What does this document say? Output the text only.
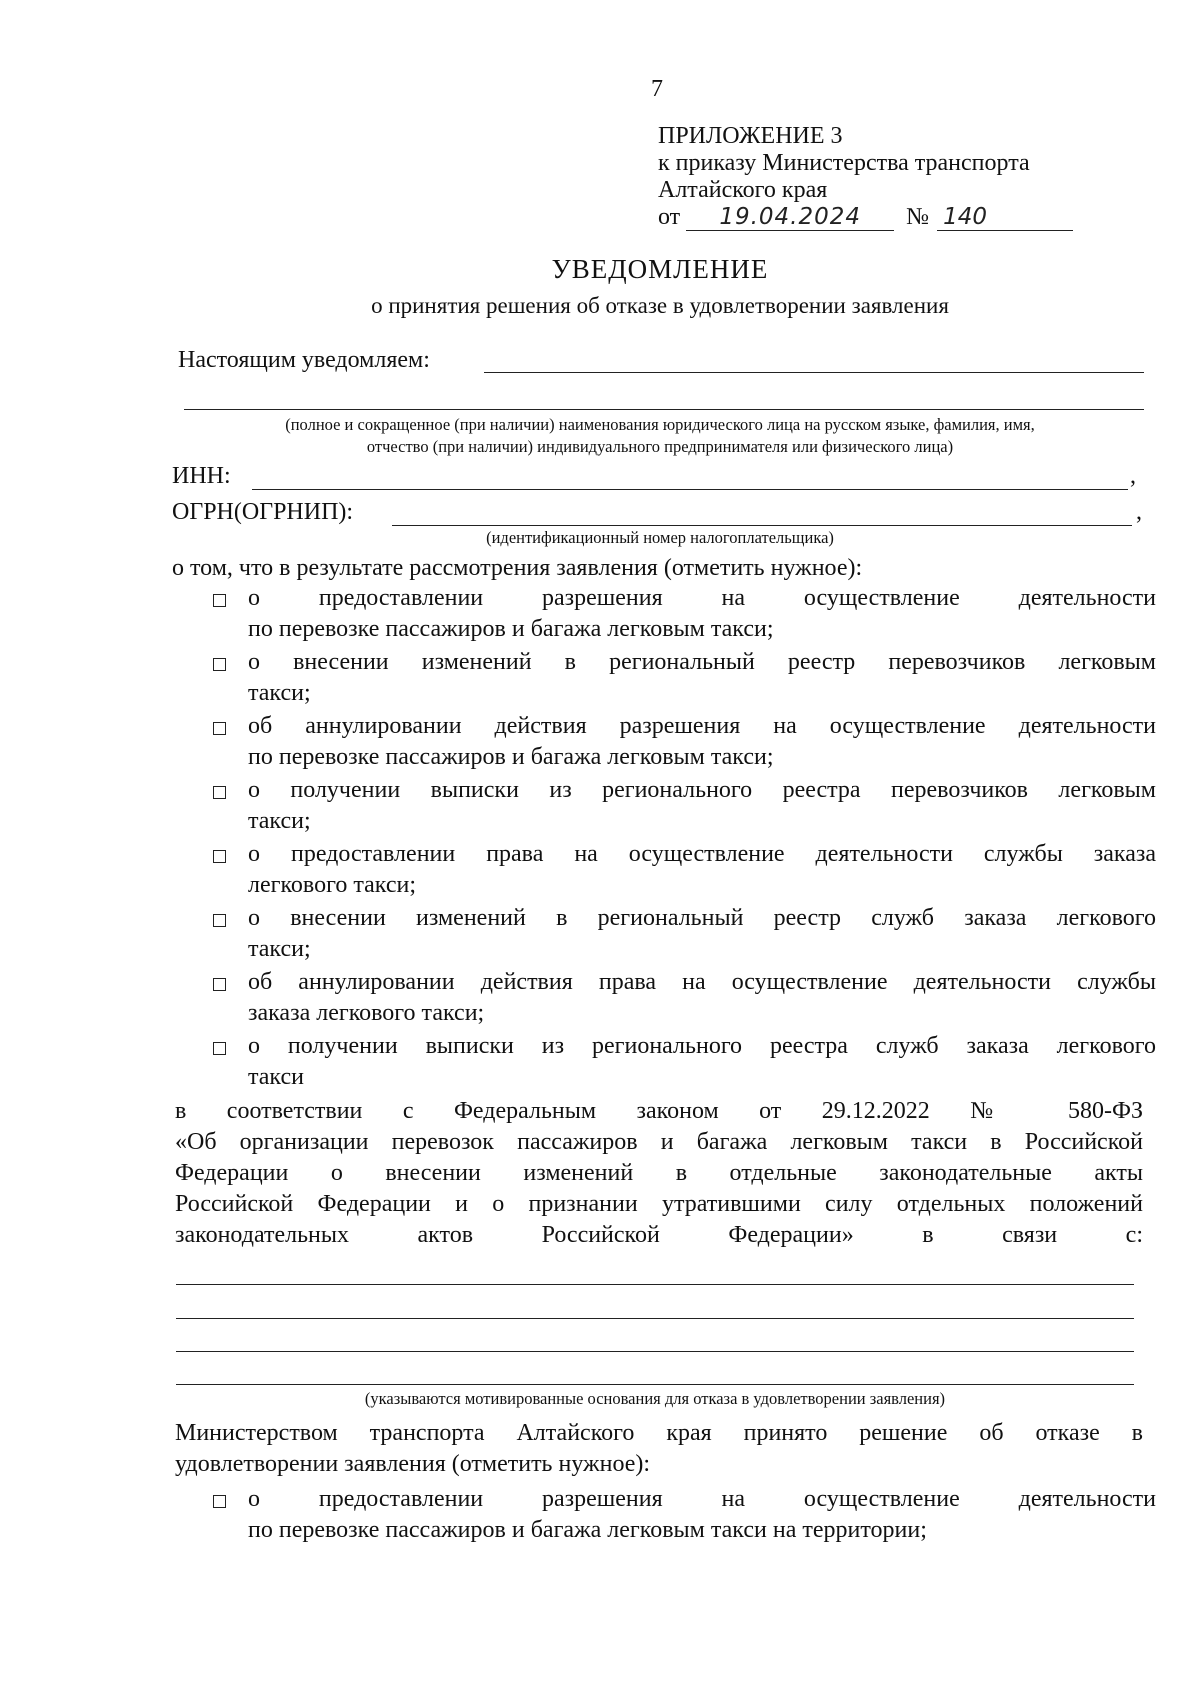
7
ПРИЛОЖЕНИЕ 3
к приказу Министерства транспорта
Алтайского края
от	19.04.2024	№ 140
УВЕДОМЛЕНИЕ
о принятия решения об отказе в удовлетворении заявления
Настоящим уведомляем:
(полное и сокращенное (при наличии) наименования юридического лица на русском языке, фамилия, имя,
отчество (при наличии) индивидуального предпринимателя или физического лица)
ИНН:	,
ОГРН(ОГРНИП):	,
(идентификационный номер налогоплательщика)
о том, что в результате рассмотрения заявления (отметить нужное):
о предоставлении разрешения на осуществление деятельности
по перевозке пассажиров и багажа легковым такси;
о внесении изменений в региональный реестр перевозчиков легковым
такси;
об аннулировании действия разрешения на осуществление деятельности
по перевозке пассажиров и багажа легковым такси;
о получении выписки из регионального реестра перевозчиков легковым
такси;
о предоставлении права на осуществление деятельности службы заказа
легкового такси;
о внесении изменений в региональный реестр служб заказа легкового
такси;
об аннулировании действия права на осуществление деятельности службы
заказа легкового такси;
о получении выписки из регионального реестра служб заказа легкового
такси
в соответствии с Федеральным законом от 29.12.2022 № 580-ФЗ
«Об организации перевозок пассажиров и багажа легковым такси в Российской
Федерации о внесении изменений в отдельные законодательные акты
Российской Федерации и о признании утратившими силу отдельных положений
законодательных актов Российской Федерации» в связи с:
(указываются мотивированные основания для отказа в удовлетворении заявления)
Министерством транспорта Алтайского края принято решение об отказе в
удовлетворении заявления (отметить нужное):
о предоставлении разрешения на осуществление деятельности
по перевозке пассажиров и багажа легковым такси на территории;
